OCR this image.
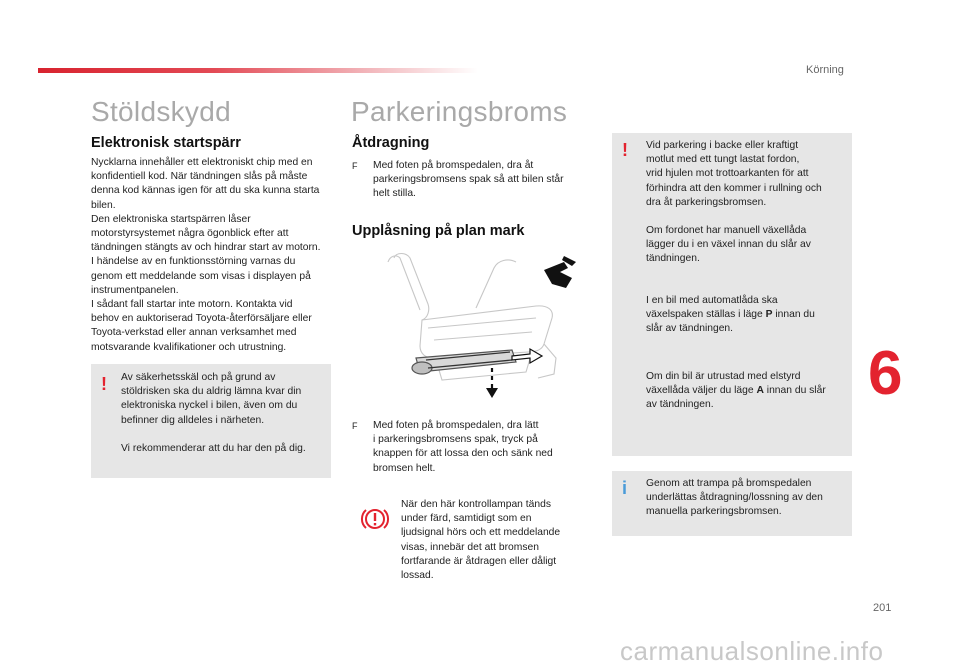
Körning
Stöldskydd
Elektronisk startspärr
Nycklarna innehåller ett elektroniskt chip med en
konfidentiell kod. När tändningen slås på måste
denna kod kännas igen för att du ska kunna starta
bilen.
Den elektroniska startspärren låser
motorstyrsystemet några ögonblick efter att
tändningen stängts av och hindrar start av motorn.
I händelse av en funktionsstörning varnas du
genom ett meddelande som visas i displayen på
instrumentpanelen.
I sådant fall startar inte motorn. Kontakta vid
behov en auktoriserad Toyota-återförsäljare eller
Toyota-verkstad eller annan verksamhet med
motsvarande kvalifikationer och utrustning.
! Av säkerhetsskäl och på grund av
stöldrisken ska du aldrig lämna kvar din
elektroniska nyckel i bilen, även om du
befinner dig alldeles i närheten.
Vi rekommenderar att du har den på dig.
Parkeringsbroms
Åtdragning
F Med foten på bromspedalen, dra åt
parkeringsbromsens spak så att bilen står
helt stilla.
Upplåsning på plan mark
F Med foten på bromspedalen, dra lätt
i parkeringsbromsens spak, tryck på
knappen för att lossa den och sänk ned
bromsen helt.
När den här kontrollampan tänds
under färd, samtidigt som en
ljudsignal hörs och ett meddelande
visas, innebär det att bromsen
fortfarande är åtdragen eller dåligt
lossad.
! Vid parkering i backe eller kraftigt
motlut med ett tungt lastat fordon,
vrid hjulen mot trottoarkanten för att
förhindra att den kommer i rullning och
dra åt parkeringsbromsen.
Om fordonet har manuell växellåda
lägger du i en växel innan du slår av
tändningen.
I en bil med automatlåda ska
växelspaken ställas i läge P innan du
slår av tändningen.
Om din bil är utrustad med elstyrd
växellåda väljer du läge A innan du slår
av tändningen.
i Genom att trampa på bromspedalen
underlättas åtdragning/lossning av den
manuella parkeringsbromsen.
6
201
carmanualsonline.info
